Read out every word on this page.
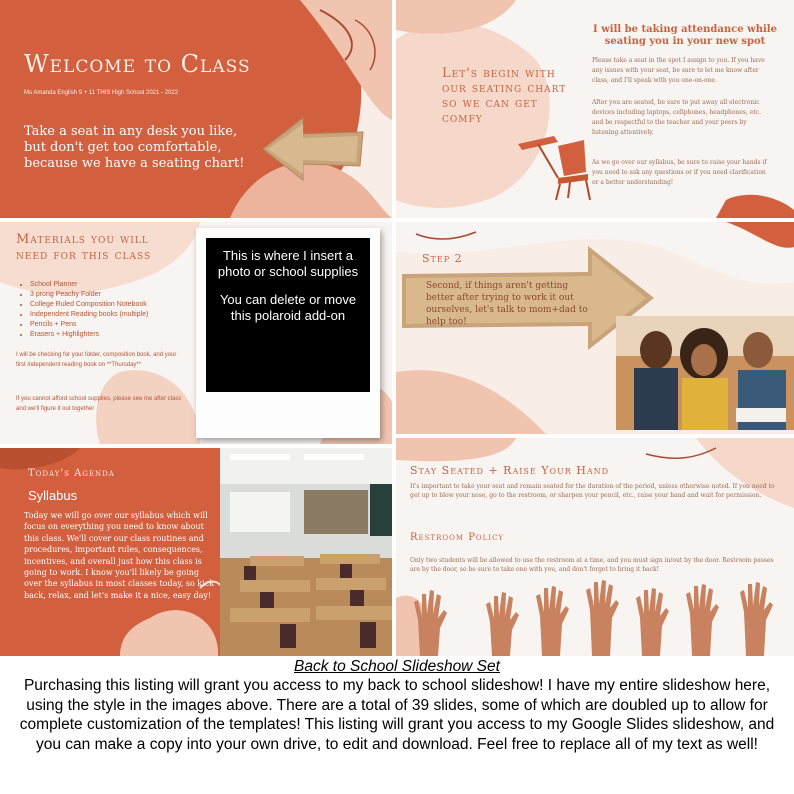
Welcome to Class
Ms Amanda English 9 + 11 THIS High School 2021 - 2022
Take a seat in any desk you like, but don't get too comfortable, because we have a seating chart!
Let's begin with our seating chart so we can get comfy
I will be taking attendance while seating you in your new spot
Please take a seat in the spot I assign to you. If you have any issues with your seat, be sure to let me know after class, and I'll speak with you one-on-one.
After you are seated, be sure to put away all electronic devices including laptops, cellphones, headphones, etc. and be respectful to the teacher and your peers by listening attentively.
As we go over our syllabus, be sure to raise your hands if you need to ask any questions or if you need clarification or a better understanding!
Materials you will need for this class
• School Planner
• 3 prong Peachy Folder
• College Ruled Composition Notebook
• Independent Reading books (multiple)
• Pencils + Pens
• Erasers + Highlighters
I will be checking for your folder, composition book, and your first independent reading book on **Thursday**
If you cannot afford school supplies, please see me after class and we'll figure it out together
This is where I insert a photo or school supplies
You can delete or move this polaroid add-on
Step 2
Second, if things aren't getting better after trying to work it out ourselves, let's talk to mom+dad to help too!
Today's Agenda
Syllabus
Today we will go over our syllabus which will focus on everything you need to know about this class. We'll cover our class routines and procedures, important rules, consequences, incentives, and overall just how this class is going to work. I know you'll likely be going over the syllabus in most classes today, so kick back, relax, and let's make it a nice, easy day!
Stay Seated + Raise Your Hand
It's important to take your seat and remain seated for the duration of the period, unless otherwise noted. If you need to get up to blow your nose, go to the restroom, or sharpen your pencil, etc., raise your hand and wait for permission.
Restroom Policy
Only two students will be allowed to use the restroom at a time, and you must sign in/out by the door. Restroom passes are by the door, so be sure to take one with you, and don't forget to bring it back!
Back to School Slideshow Set
Purchasing this listing will grant you access to my back to school slideshow! I have my entire slideshow here, using the style in the images above. There are a total of 39 slides, some of which are doubled up to allow for complete customization of the templates! This listing will grant you access to my Google Slides slideshow, and you can make a copy into your own drive, to edit and download. Feel free to replace all of my text as well!
